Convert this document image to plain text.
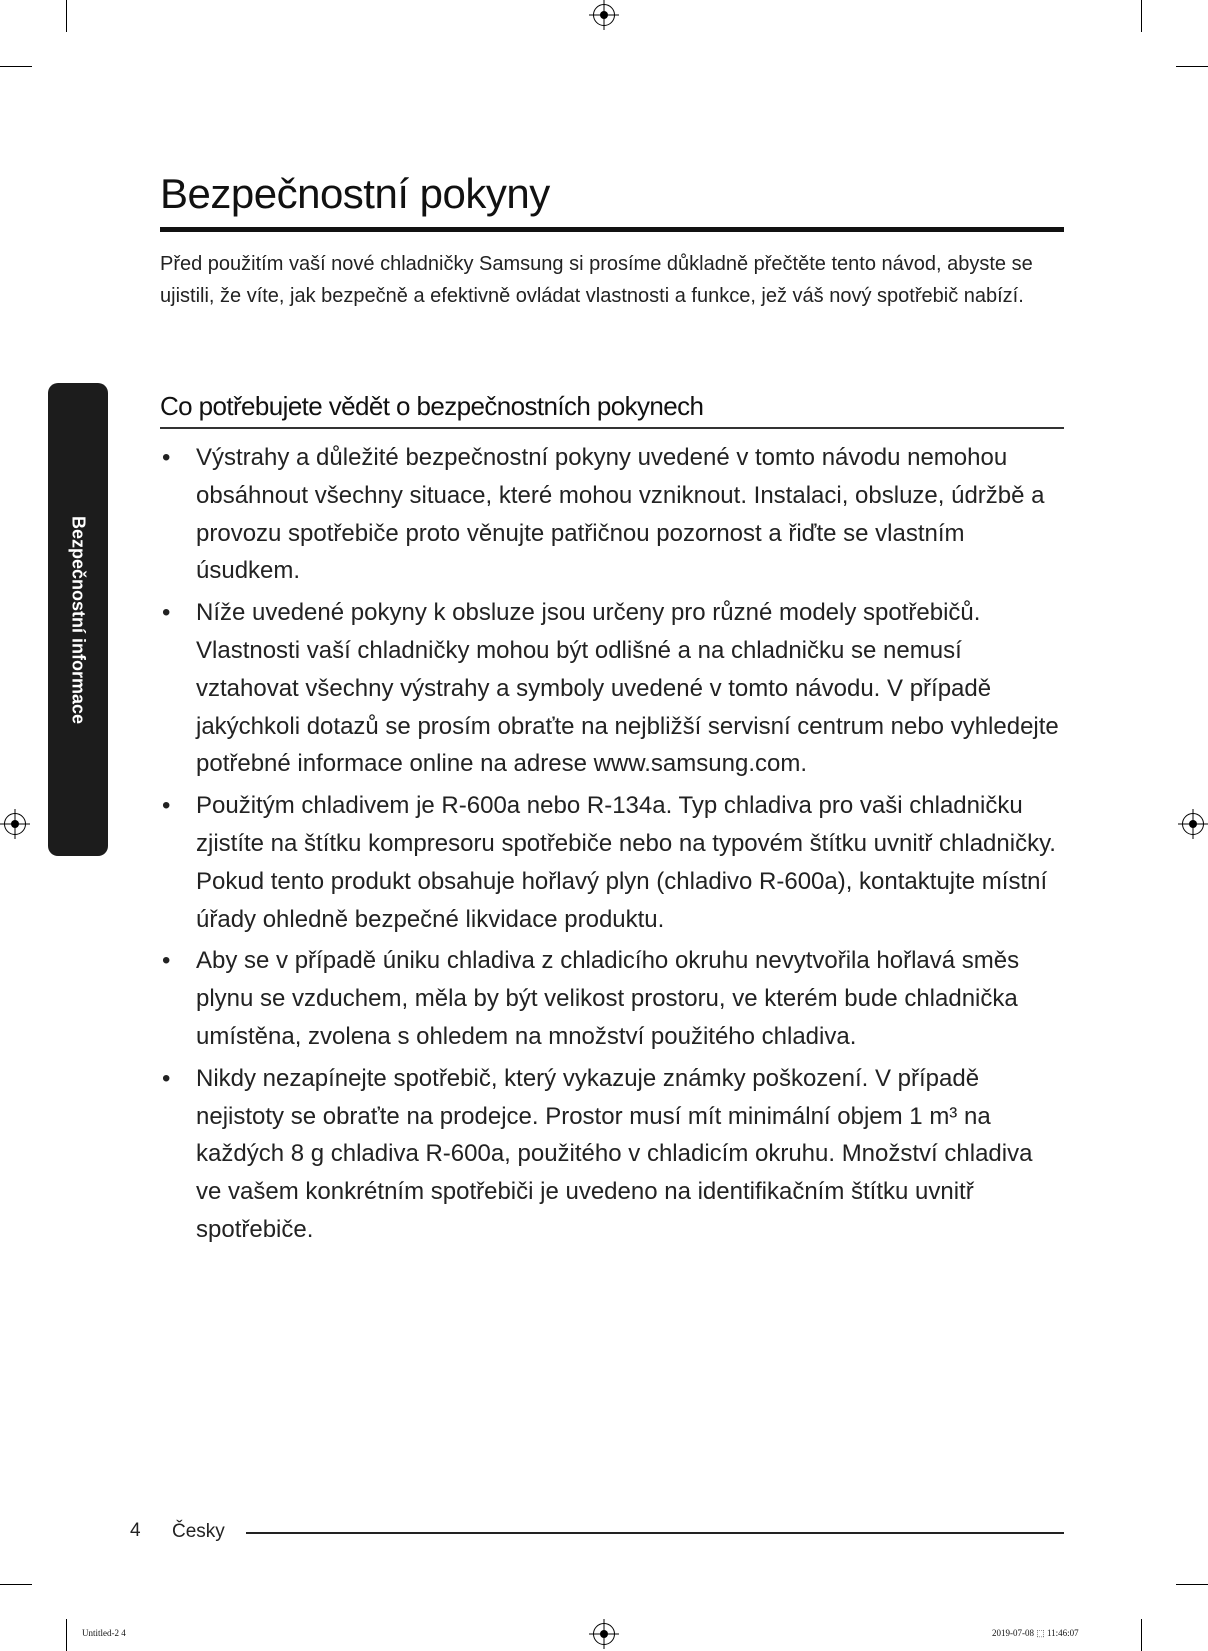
Bezpečnostní pokyny

Před použitím vaší nové chladničky Samsung si prosíme důkladně přečtěte tento návod, abyste se ujistili, že víte, jak bezpečně a efektivně ovládat vlastnosti a funkce, jež váš nový spotřebič nabízí.

Bezpečnostní informace
Co potřebujete vědět o bezpečnostních pokynech
• Výstrahy a důležité bezpečnostní pokyny uvedené v tomto návodu nemohou obsáhnout všechny situace, které mohou vzniknout. Instalaci, obsluze, údržbě a provozu spotřebiče proto věnujte patřičnou pozornost a řiďte se vlastním úsudkem.
• Níže uvedené pokyny k obsluze jsou určeny pro různé modely spotřebičů. Vlastnosti vaší chladničky mohou být odlišné a na chladničku se nemusí vztahovat všechny výstrahy a symboly uvedené v tomto návodu. V případě jakýchkoli dotazů se prosím obraťte na nejbližší servisní centrum nebo vyhledejte potřebné informace online na adrese www.samsung.com.
• Použitým chladivem je R-600a nebo R-134a. Typ chladiva pro vaši chladničku zjistíte na štítku kompresoru spotřebiče nebo na typovém štítku uvnitř chladničky. Pokud tento produkt obsahuje hořlavý plyn (chladivo R-600a), kontaktujte místní úřady ohledně bezpečné likvidace produktu.
• Aby se v případě úniku chladiva z chladicího okruhu nevytvořila hořlavá směs plynu se vzduchem, měla by být velikost prostoru, ve kterém bude chladnička umístěna, zvolena s ohledem na množství použitého chladiva.
• Nikdy nezapínejte spotřebič, který vykazuje známky poškození. V případě nejistoty se obraťte na prodejce. Prostor musí mít minimální objem 1 m³ na každých 8 g chladiva R-600a, použitého v chladicím okruhu. Množství chladiva ve vašem konkrétním spotřebiči je uvedeno na identifikačním štítku uvnitř spotřebiče.
4 Česky
Untitled-2 4	2019-07-08 ⬚ 11:46:07
